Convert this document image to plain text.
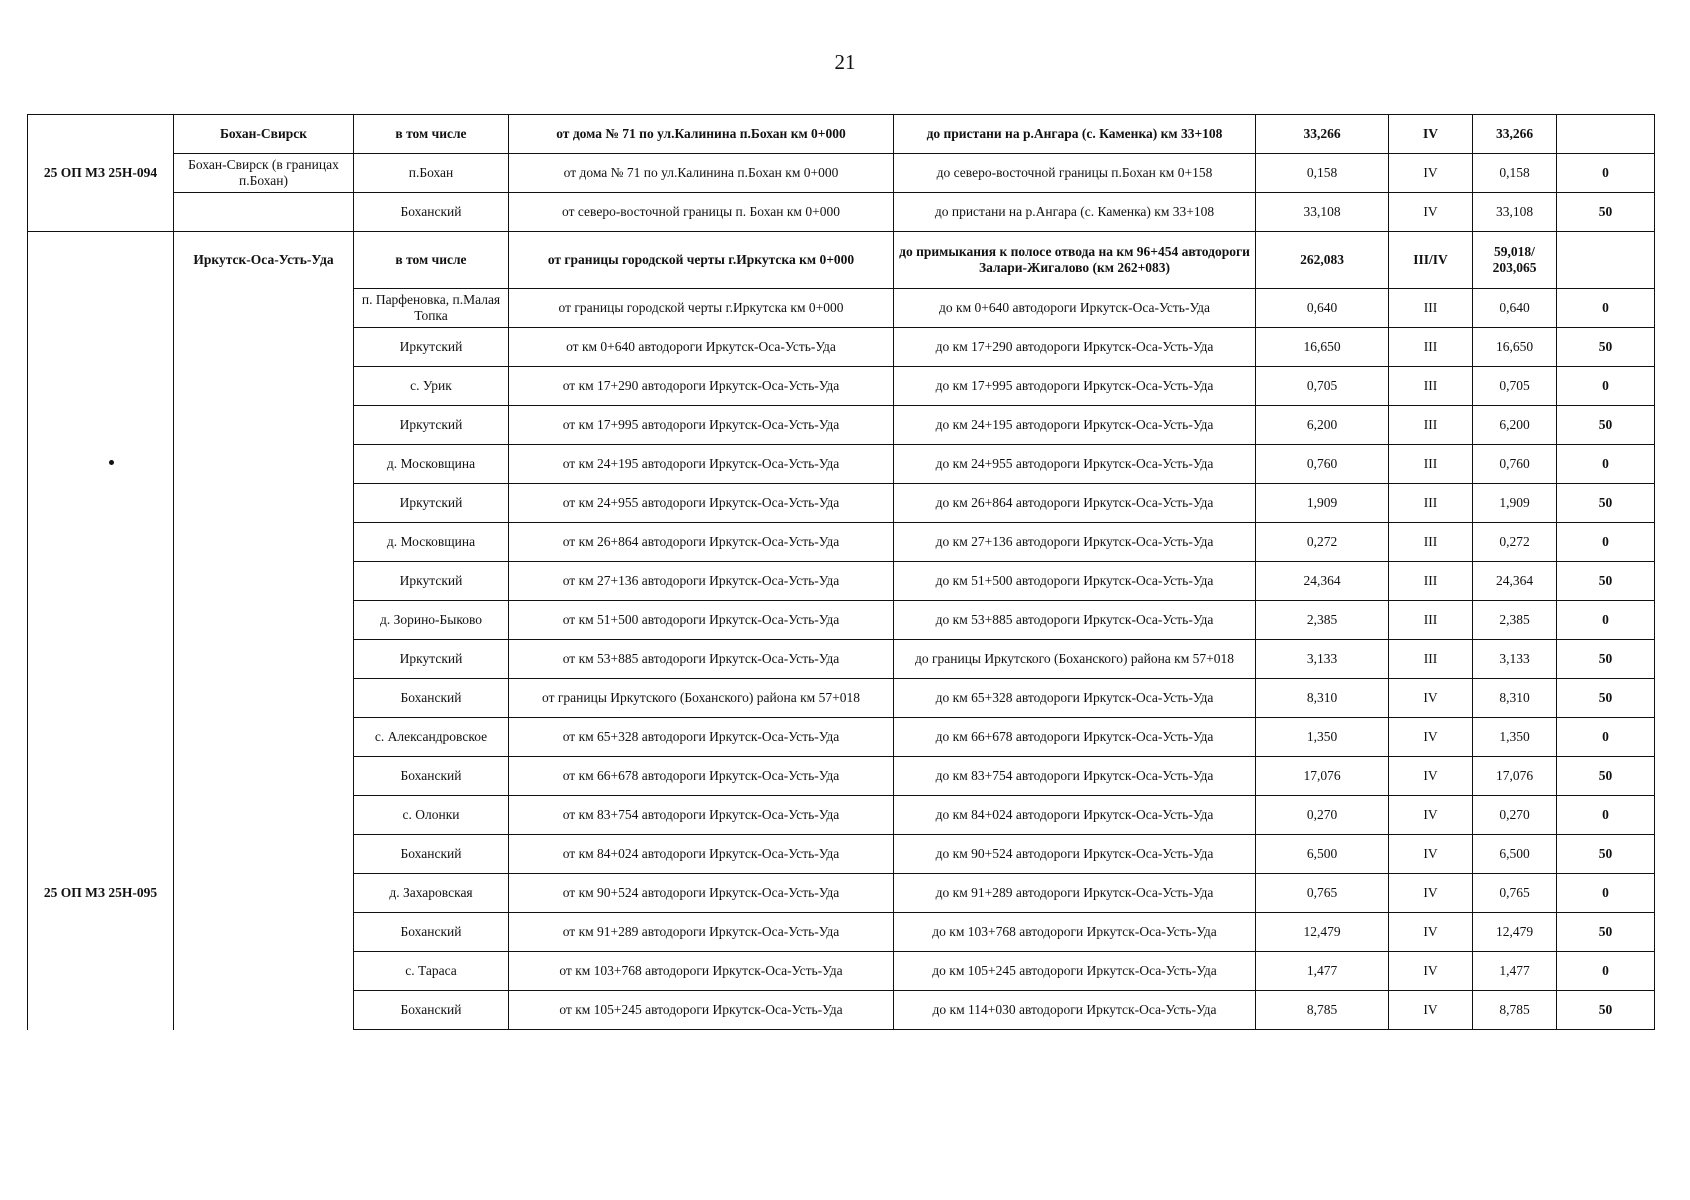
21
	Бохан-Свирск	в том числе	от дома № 71 по ул.Калинина п.Бохан км 0+000	до пристани на р.Ангара (с. Каменка) км 33+108	33,266	IV	33,266	
25 ОП МЗ 25Н-094	Бохан-Свирск (в границах п.Бохан)	п.Бохан	от дома № 71 по ул.Калинина п.Бохан км 0+000	до северо-восточной границы п.Бохан км 0+158	0,158	IV	0,158	0
		Боханский	от северо-восточной границы п. Бохан км 0+000	до пристани на р.Ангара (с. Каменка) км 33+108	33,108	IV	33,108	50
	Иркутск-Оса-Усть-Уда	в том числе	от границы городской черты г.Иркутска км 0+000	до примыкания к полосе отвода на км 96+454 автодороги Залари-Жигалово (км 262+083)	262,083	III/IV	59,018/ 203,065	
		п. Парфеновка, п.Малая Топка	от границы городской черты г.Иркутска км 0+000	до км 0+640 автодороги Иркутск-Оса-Усть-Уда	0,640	III	0,640	0
		Иркутский	от км 0+640 автодороги Иркутск-Оса-Усть-Уда	до км 17+290 автодороги Иркутск-Оса-Усть-Уда	16,650	III	16,650	50
		с. Урик	от км 17+290 автодороги Иркутск-Оса-Усть-Уда	до км 17+995 автодороги Иркутск-Оса-Усть-Уда	0,705	III	0,705	0
		Иркутский	от км 17+995 автодороги Иркутск-Оса-Усть-Уда	до км 24+195 автодороги Иркутск-Оса-Усть-Уда	6,200	III	6,200	50
		д. Московщина	от км 24+195 автодороги Иркутск-Оса-Усть-Уда	до км 24+955 автодороги Иркутск-Оса-Усть-Уда	0,760	III	0,760	0
		Иркутский	от км 24+955 автодороги Иркутск-Оса-Усть-Уда	до км 26+864 автодороги Иркутск-Оса-Усть-Уда	1,909	III	1,909	50
		д. Московщина	от км 26+864 автодороги Иркутск-Оса-Усть-Уда	до км 27+136 автодороги Иркутск-Оса-Усть-Уда	0,272	III	0,272	0
		Иркутский	от км 27+136 автодороги Иркутск-Оса-Усть-Уда	до км 51+500 автодороги Иркутск-Оса-Усть-Уда	24,364	III	24,364	50
		д. Зорино-Быково	от км 51+500 автодороги Иркутск-Оса-Усть-Уда	до км 53+885 автодороги Иркутск-Оса-Усть-Уда	2,385	III	2,385	0
		Иркутский	от км 53+885 автодороги Иркутск-Оса-Усть-Уда	до границы Иркутского (Боханского) района км 57+018	3,133	III	3,133	50
		Боханский	от границы Иркутского (Боханского) района км 57+018	до км 65+328 автодороги Иркутск-Оса-Усть-Уда	8,310	IV	8,310	50
		с. Александровское	от км 65+328 автодороги Иркутск-Оса-Усть-Уда	до км 66+678 автодороги Иркутск-Оса-Усть-Уда	1,350	IV	1,350	0
		Боханский	от км 66+678 автодороги Иркутск-Оса-Усть-Уда	до км 83+754 автодороги Иркутск-Оса-Усть-Уда	17,076	IV	17,076	50
		с. Олонки	от км 83+754 автодороги Иркутск-Оса-Усть-Уда	до км 84+024 автодороги Иркутск-Оса-Усть-Уда	0,270	IV	0,270	0
		Боханский	от км 84+024 автодороги Иркутск-Оса-Усть-Уда	до км 90+524 автодороги Иркутск-Оса-Усть-Уда	6,500	IV	6,500	50
25 ОП МЗ 25Н-095		д. Захаровская	от км 90+524 автодороги Иркутск-Оса-Усть-Уда	до км 91+289 автодороги Иркутск-Оса-Усть-Уда	0,765	IV	0,765	0
		Боханский	от км 91+289 автодороги Иркутск-Оса-Усть-Уда	до км 103+768 автодороги Иркутск-Оса-Усть-Уда	12,479	IV	12,479	50
		с. Тараса	от км 103+768 автодороги Иркутск-Оса-Усть-Уда	до км 105+245 автодороги Иркутск-Оса-Усть-Уда	1,477	IV	1,477	0
		Боханский	от км 105+245 автодороги Иркутск-Оса-Усть-Уда	до км 114+030 автодороги Иркутск-Оса-Усть-Уда	8,785	IV	8,785	50
